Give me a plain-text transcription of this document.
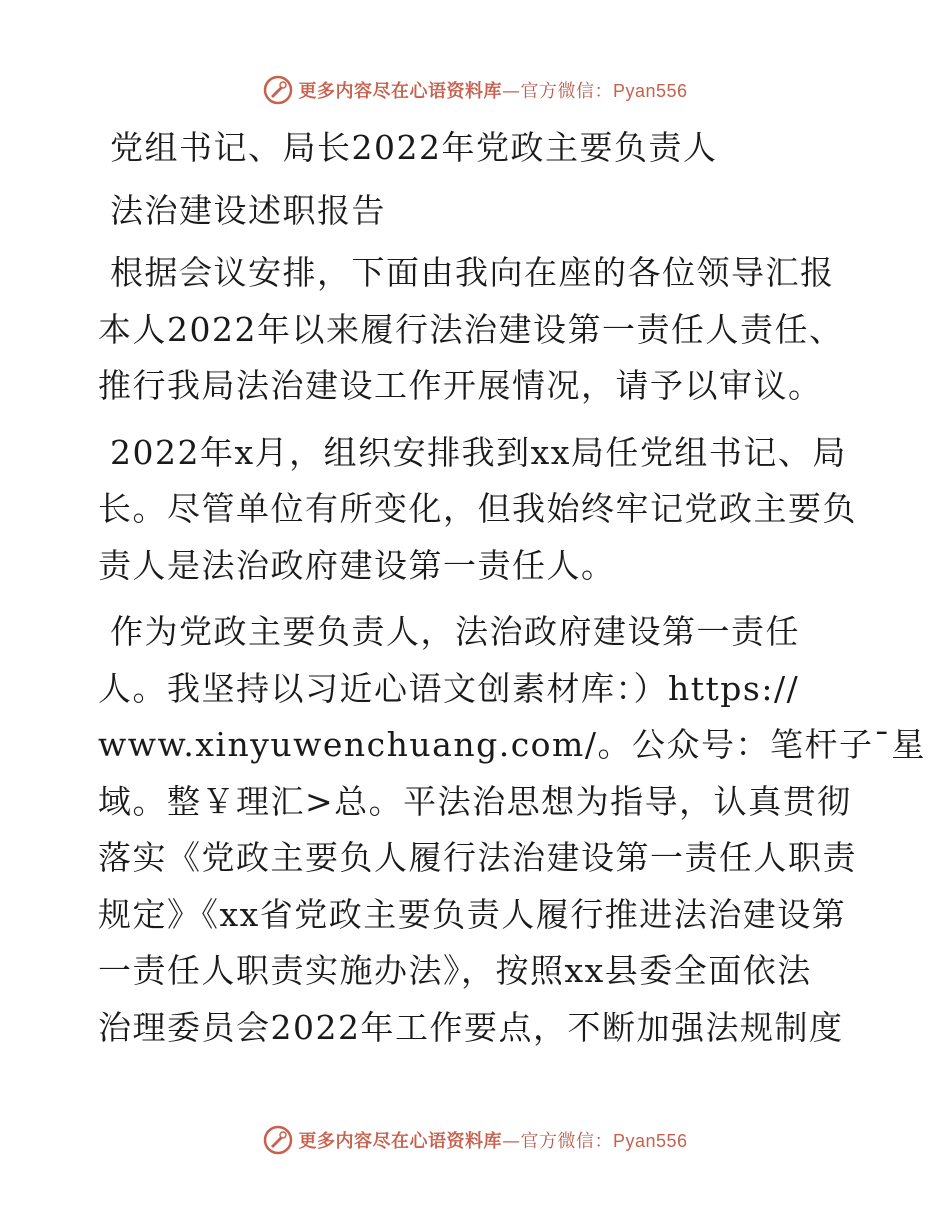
更多内容尽在心语资料库—官方微信：Pyan556
党组书记、局长2022年党政主要负责人
法治建设述职报告
根据会议安排，下面由我向在座的各位领导汇报
本人2022年以来履行法治建设第一责任人责任、
推行我局法治建设工作开展情况，请予以审议。
2022年x月，组织安排我到xx局任党组书记、局
长。尽管单位有所变化，但我始终牢记党政主要负
责人是法治政府建设第一责任人。
作为党政主要负责人，法治政府建设第一责任
人。我坚持以习近心语文创素材库：）https://
www.xinyuwenchuang.com/。公众号：笔杆子¯星
域。整￥理汇>总。平法治思想为指导，认真贯彻
落实《党政主要负人履行法治建设第一责任人职责
规定》《xx省党政主要负责人履行推进法治建设第
一责任人职责实施办法》，按照xx县委全面依法
治理委员会2022年工作要点，不断加强法规制度
更多内容尽在心语资料库—官方微信：Pyan556
